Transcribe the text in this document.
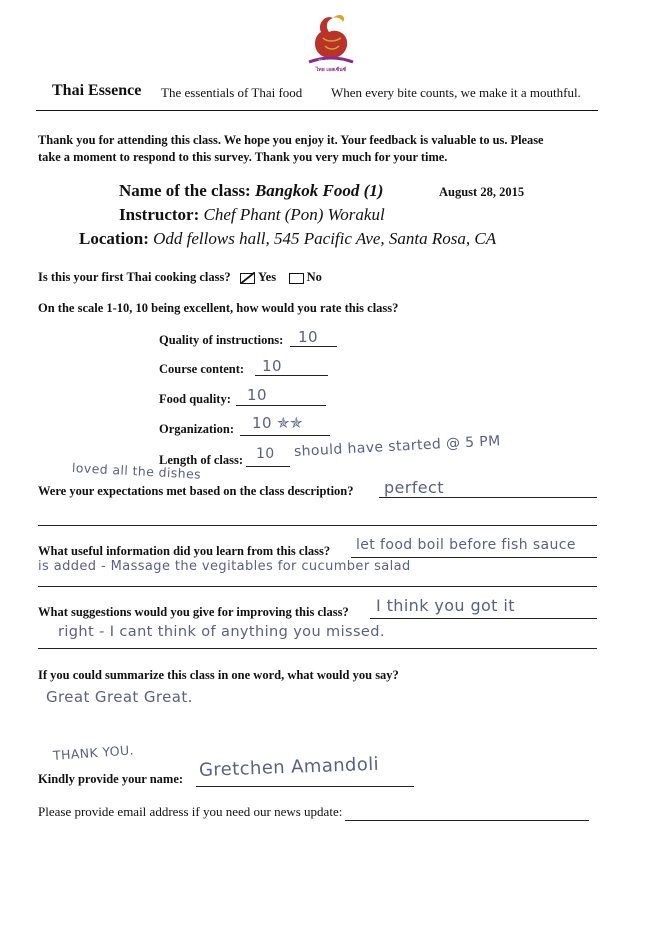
Thai Essence
ไทย เอสเซ้นซ์
Thai Essence The essentials of Thai food When every bite counts, we make it a mouthful.
Thank you for attending this class. We hope you enjoy it. Your feedback is valuable to us. Please
take a moment to respond to this survey. Thank you very much for your time.
Name of the class: Bangkok Food (1)	August 28, 2015
Instructor: Chef Phant (Pon) Worakul
Location: Odd fellows hall, 545 Pacific Ave, Santa Rosa, CA
Is this your first Thai cooking class? Yes No
On the scale 1-10, 10 being excellent, how would you rate this class?
Quality of instructions: 10
Course content: 10
Food quality: 10
Organization: 10 ✯✯
Length of class: 10 should have started @ 5 PM
loved all the dishes
Were your expectations met based on the class description? perfect
What useful information did you learn from this class? let food boil before fish sauce
is added - Massage the vegitables for cucumber salad
What suggestions would you give for improving this class? I think you got it
right - I cant think of anything you missed.
If you could summarize this class in one word, what would you say?
Great Great Great.
THANK YOU.
Kindly provide your name: Gretchen Amandoli
Please provide email address if you need our news update:
